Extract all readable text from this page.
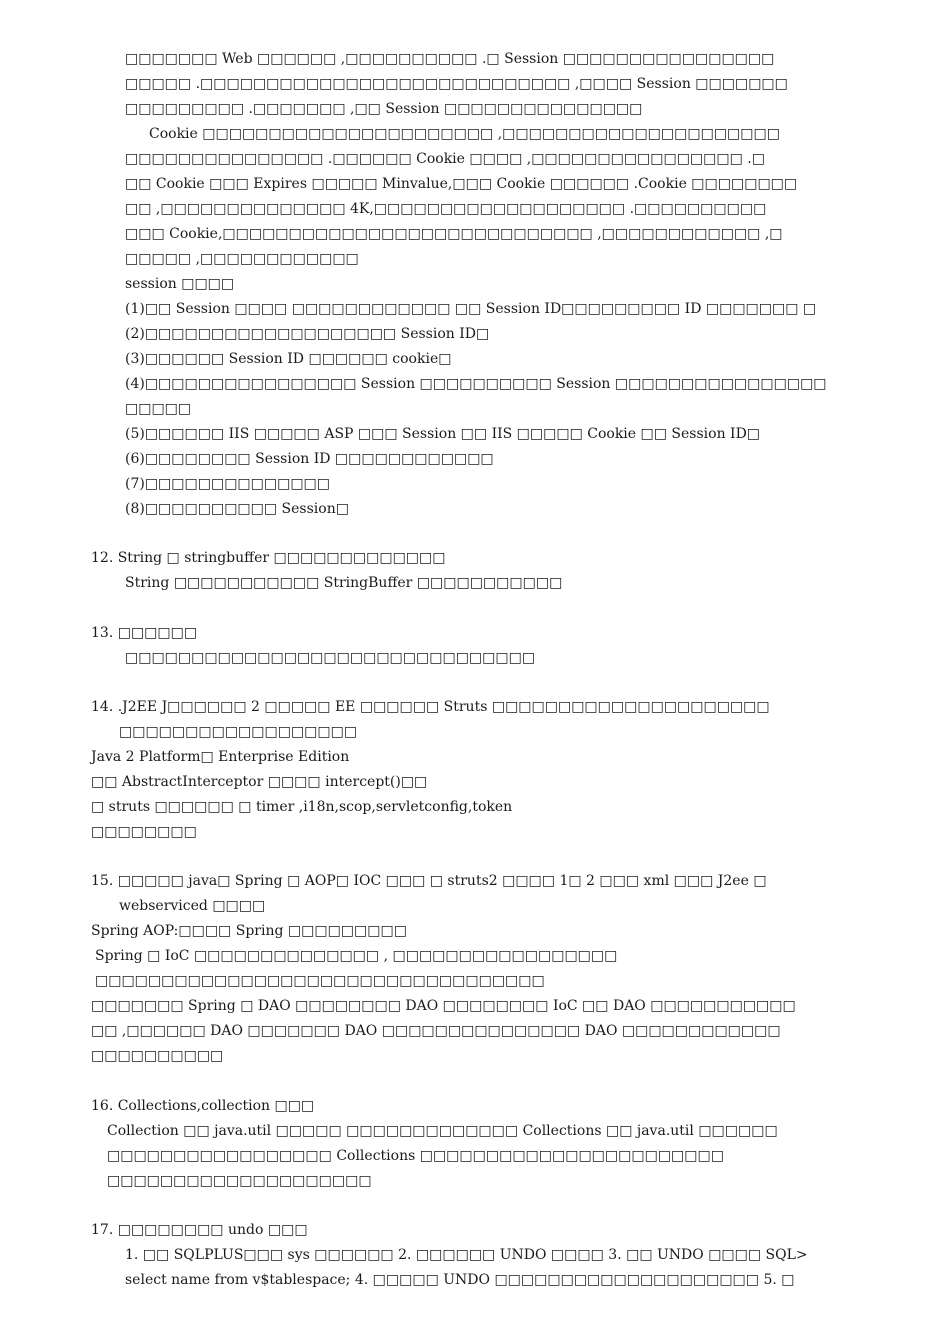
□□□□□□□ Web □□□□□□ ,□□□□□□□□□□ .□ Session □□□□□□□□□□□□□□□□
□□□□□ .□□□□□□□□□□□□□□□□□□□□□□□□□□□□ ,□□□□ Session □□□□□□□
□□□□□□□□□ .□□□□□□□ ,□□ Session □□□□□□□□□□□□□□□
Cookie □□□□□□□□□□□□□□□□□□□□□□ ,□□□□□□□□□□□□□□□□□□□□□
□□□□□□□□□□□□□□□ .□□□□□□ Cookie □□□□ ,□□□□□□□□□□□□□□□□ .□
□□ Cookie □□□ Expires □□□□□ Minvalue,□□□ Cookie □□□□□□ .Cookie □□□□□□□□
□□ ,□□□□□□□□□□□□□□ 4K,□□□□□□□□□□□□□□□□□□□ .□□□□□□□□□□
□□□ Cookie,□□□□□□□□□□□□□□□□□□□□□□□□□□□□ ,□□□□□□□□□□□□ ,□
□□□□□ ,□□□□□□□□□□□□
session □□□□
(1)□□ Session □□□□ □□□□□□□□□□□□ □□ Session ID□□□□□□□□□ ID □□□□□□□ □
(2)□□□□□□□□□□□□□□□□□□□ Session ID□
(3)□□□□□□ Session ID □□□□□□ cookie□
(4)□□□□□□□□□□□□□□□□ Session □□□□□□□□□□ Session □□□□□□□□□□□□□□□□
□□□□□
(5)□□□□□□ IIS □□□□□ ASP □□□ Session □□ IIS □□□□□ Cookie □□ Session ID□
(6)□□□□□□□□ Session ID □□□□□□□□□□□□
(7)□□□□□□□□□□□□□□
(8)□□□□□□□□□□ Session□
12. String □ stringbuffer □□□□□□□□□□□□□
String □□□□□□□□□□□ StringBuffer □□□□□□□□□□□
13. □□□□□□
□□□□□□□□□□□□□□□□□□□□□□□□□□□□□□□
14. .J2EE J□□□□□□ 2 □□□□□ EE □□□□□□ Struts □□□□□□□□□□□□□□□□□□□□□
□□□□□□□□□□□□□□□□□□
Java 2 Platform□ Enterprise Edition
□□ AbstractInterceptor □□□□ intercept()□□
□ struts □□□□□□ □ timer ,i18n,scop,servletconfig,token
□□□□□□□□
15. □□□□□ java□ Spring □ AOP□ IOC □□□ □ struts2 □□□□ 1□ 2 □□□ xml □□□ J2ee □
webserviced □□□□
Spring AOP:□□□□ Spring □□□□□□□□□
Spring □ IoC □□□□□□□□□□□□□□ , □□□□□□□□□□□□□□□□□
□□□□□□□□□□□□□□□□□□□□□□□□□□□□□□□□□□
□□□□□□□ Spring □ DAO □□□□□□□□ DAO □□□□□□□□ IoC □□ DAO □□□□□□□□□□□
□□ ,□□□□□□ DAO □□□□□□□ DAO □□□□□□□□□□□□□□□ DAO □□□□□□□□□□□□
□□□□□□□□□□
16. Collections,collection □□□
Collection □□ java.util □□□□□ □□□□□□□□□□□□□ Collections □□ java.util □□□□□□
□□□□□□□□□□□□□□□□□ Collections □□□□□□□□□□□□□□□□□□□□□□□
□□□□□□□□□□□□□□□□□□□□
17. □□□□□□□□ undo □□□
1. □□ SQLPLUS□□□ sys □□□□□□ 2. □□□□□□ UNDO □□□□ 3. □□ UNDO □□□□ SQL>
select name from v$tablespace; 4. □□□□□ UNDO □□□□□□□□□□□□□□□□□□□□ 5. □
